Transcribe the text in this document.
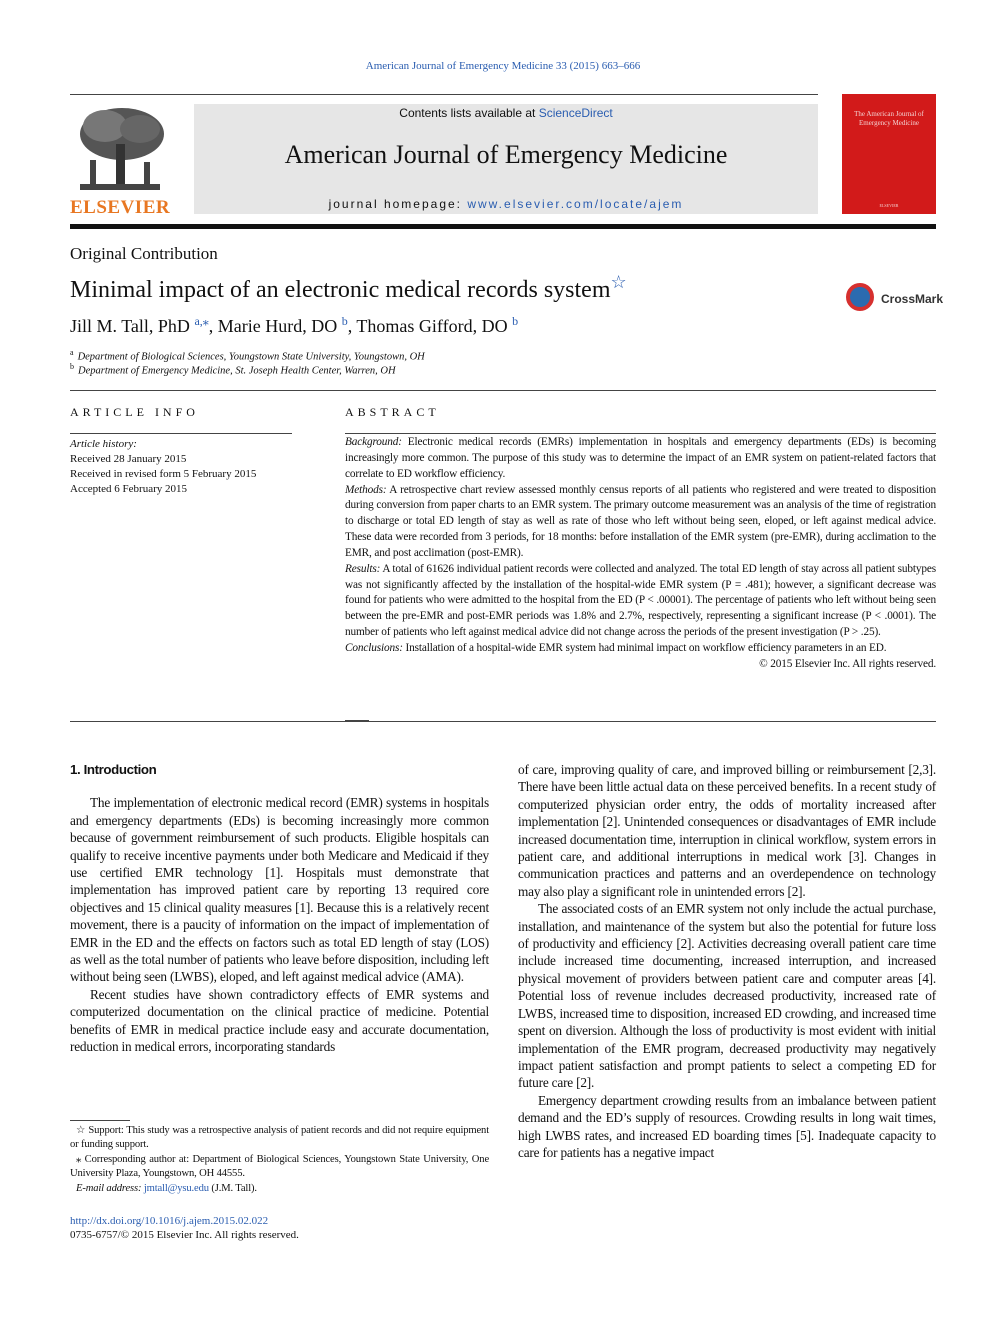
American Journal of Emergency Medicine 33 (2015) 663–666
ELSEVIER
Contents lists available at ScienceDirect
American Journal of Emergency Medicine
journal homepage: www.elsevier.com/locate/ajem
The American Journal of Emergency Medicine
ELSEVIER
Original Contribution
Minimal impact of an electronic medical records system☆
CrossMark
Jill M. Tall, PhD $^{a,⁎}$, Marie Hurd, DO $^b$, Thomas Gifford, DO $^b$
$^a$ Department of Biological Sciences, Youngstown State University, Youngstown, OH
$^b$ Department of Emergency Medicine, St. Joseph Health Center, Warren, OH
ARTICLE INFO	ABSTRACT
Article history:
Received 28 January 2015
Received in revised form 5 February 2015
Accepted 6 February 2015

Background: Electronic medical records (EMRs) implementation in hospitals and emergency departments (EDs) is becoming increasingly more common. The purpose of this study was to determine the impact of an EMR system on patient-related factors that correlate to ED workflow efficiency.

Methods: A retrospective chart review assessed monthly census reports of all patients who registered and were treated to disposition during conversion from paper charts to an EMR system. The primary outcome measurement was an analysis of the time of registration to discharge or total ED length of stay as well as rate of those who left without being seen, eloped, or left against medical advice. These data were recorded from 3 periods, for 18 months: before installation of the EMR system (pre-EMR), during acclimation to the EMR, and post acclimation (post-EMR).

Results: A total of 61626 individual patient records were collected and analyzed. The total ED length of stay across all patient subtypes was not significantly affected by the installation of the hospital-wide EMR system (P = .481); however, a significant decrease was found for patients who were admitted to the hospital from the ED (P < .00001). The percentage of patients who left without being seen between the pre-EMR and post-EMR periods was 1.8% and 2.7%, respectively, representing a significant increase (P < .0001). The number of patients who left against medical advice did not change across the periods of the present investigation (P > .25).

Conclusions: Installation of a hospital-wide EMR system had minimal impact on workflow efficiency parameters in an ED.

© 2015 Elsevier Inc. All rights reserved.

1. Introduction

The implementation of electronic medical record (EMR) systems in hospitals and emergency departments (EDs) is becoming increasingly more common because of government reimbursement of such products. Eligible hospitals can qualify to receive incentive payments under both Medicare and Medicaid if they use certified EMR technology [1]. Hospitals must demonstrate that implementation has improved patient care by reporting 13 required core objectives and 15 clinical quality measures [1]. Because this is a relatively recent movement, there is a paucity of information on the impact of implementation of EMR in the ED and the effects on factors such as total ED length of stay (LOS) as well as the total number of patients who leave before disposition, including left without being seen (LWBS), eloped, and left against medical advice (AMA).

Recent studies have shown contradictory effects of EMR systems and computerized documentation on the clinical practice of medicine. Potential benefits of EMR in medical practice include easy and accurate documentation, reduction in medical errors, incorporating standards

of care, improving quality of care, and improved billing or reimbursement [2,3]. There have been little actual data on these perceived benefits. In a recent study of computerized physician order entry, the odds of mortality increased after implementation [2]. Unintended consequences or disadvantages of EMR include increased documentation time, interruption in clinical workflow, system errors in patient care, and additional interruptions in medical work [3]. Changes in communication practices and patterns and an overdependence on technology may also play a significant role in unintended errors [2].

The associated costs of an EMR system not only include the actual purchase, installation, and maintenance of the system but also the potential for future loss of productivity and efficiency [2]. Activities decreasing overall patient care time include increased time documenting, increased interruption, and increased physical movement of providers between patient care and computer areas [4]. Potential loss of revenue includes decreased productivity, increased rate of LWBS, increased time to disposition, increased ED crowding, and increased time spent on diversion. Although the loss of productivity is most evident with initial implementation of the EMR program, decreased productivity may negatively impact patient satisfaction and prompt patients to select a competing ED for future care [2].

Emergency department crowding results from an imbalance between patient demand and the ED’s supply of resources. Crowding results in long wait times, high LWBS rates, and increased ED boarding times [5]. Inadequate capacity to care for patients has a negative impact

☆ Support: This study was a retrospective analysis of patient records and did not require equipment or funding support.

⁎ Corresponding author at: Department of Biological Sciences, Youngstown State University, One University Plaza, Youngstown, OH 44555.

E-mail address: jmtall@ysu.edu (J.M. Tall).

http://dx.doi.org/10.1016/j.ajem.2015.02.022
0735-6757/© 2015 Elsevier Inc. All rights reserved.
